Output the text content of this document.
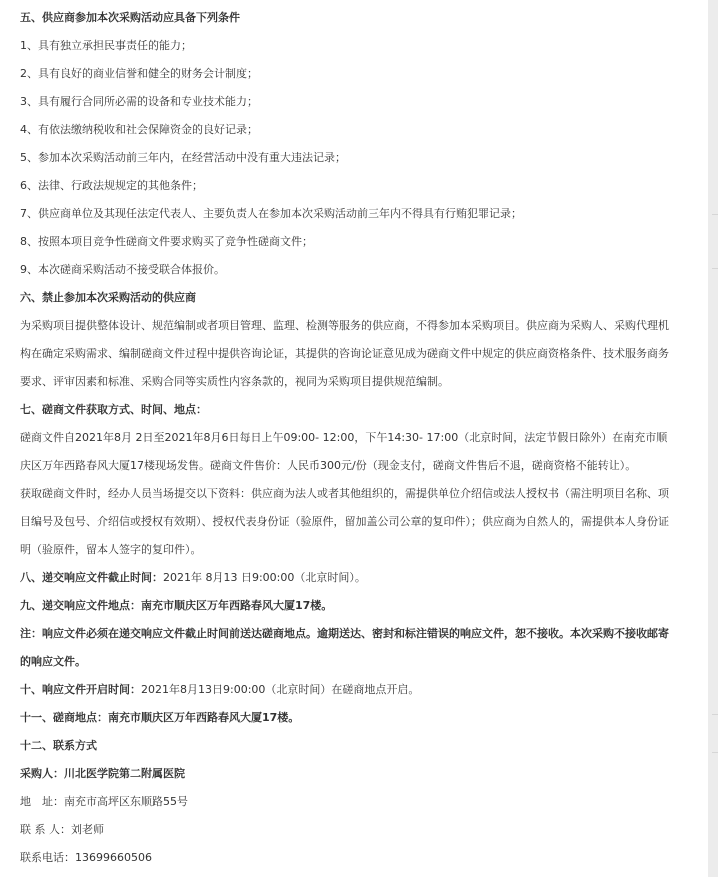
五、供应商参加本次采购活动应具备下列条件

1、具有独立承担民事责任的能力；

2、具有良好的商业信誉和健全的财务会计制度；

3、具有履行合同所必需的设备和专业技术能力；

4、有依法缴纳税收和社会保障资金的良好记录；

5、参加本次采购活动前三年内，在经营活动中没有重大违法记录；

6、法律、行政法规规定的其他条件；

7、供应商单位及其现任法定代表人、主要负责人在参加本次采购活动前三年内不得具有行贿犯罪记录；

8、按照本项目竞争性磋商文件要求购买了竞争性磋商文件；

9、本次磋商采购活动不接受联合体报价。

六、禁止参加本次采购活动的供应商

为采购项目提供整体设计、规范编制或者项目管理、监理、检测等服务的供应商，不得参加本采购项目。供应商为采购人、采购代理机构在确定采购需求、编制磋商文件过程中提供咨询论证，其提供的咨询论证意见成为磋商文件中规定的供应商资格条件、技术服务商务要求、评审因素和标准、采购合同等实质性内容条款的，视同为采购项目提供规范编制。

七、磋商文件获取方式、时间、地点：

磋商文件自2021年8月 2日至2021年8月6日每日上午09:00- 12:00，下午14:30- 17:00（北京时间，法定节假日除外）在南充市顺庆区万年西路春风大厦17楼现场发售。磋商文件售价：人民币300元/份（现金支付，磋商文件售后不退，磋商资格不能转让）。

获取磋商文件时，经办人员当场提交以下资料：供应商为法人或者其他组织的，需提供单位介绍信或法人授权书（需注明项目名称、项目编号及包号、介绍信或授权有效期）、授权代表身份证（验原件，留加盖公司公章的复印件）；供应商为自然人的，需提供本人身份证明（验原件，留本人签字的复印件）。

八、递交响应文件截止时间：2021年 8月13 日9:00:00（北京时间）。

九、递交响应文件地点：南充市顺庆区万年西路春风大厦17楼。

注：响应文件必须在递交响应文件截止时间前送达磋商地点。逾期送达、密封和标注错误的响应文件，恕不接收。本次采购不接收邮寄的响应文件。

十、响应文件开启时间：2021年8月13日9:00:00（北京时间）在磋商地点开启。

十一、磋商地点：南充市顺庆区万年西路春风大厦17楼。

十二、联系方式

采购人：川北医学院第二附属医院

地　址：南充市高坪区东顺路55号

联 系 人：刘老师

联系电话：13699660506
